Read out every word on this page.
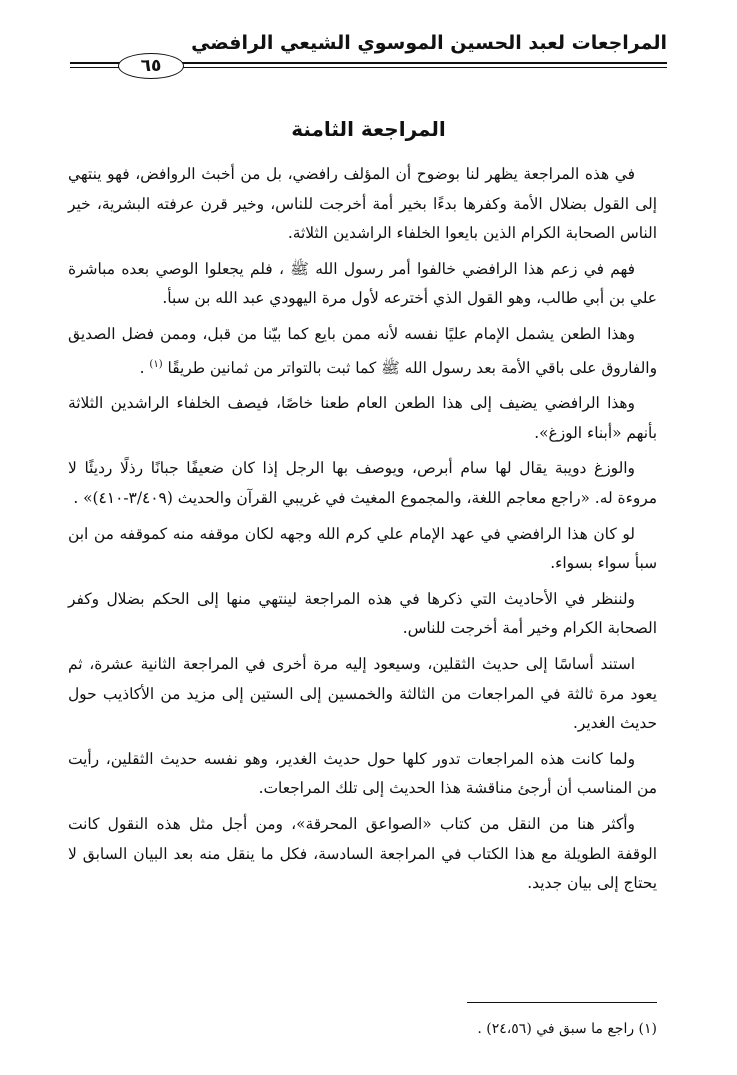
المراجعات لعبد الحسين الموسوي الشيعي الرافضي
٦٥
المراجعة الثامنة

في هذه المراجعة يظهر لنا بوضوح أن المؤلف رافضي، بل من أخبث الروافض، فهو ينتهي إلى القول بضلال الأمة وكفرها بدءًا بخير أمة أخرجت للناس، وخير قرن عرفته البشرية، خير الناس الصحابة الكرام الذين بايعوا الخلفاء الراشدين الثلاثة.

فهم في زعم هذا الرافضي خالفوا أمر رسول الله ﷺ ، فلم يجعلوا الوصي بعده مباشرة علي بن أبي طالب، وهو القول الذي أخترعه لأول مرة اليهودي عبد الله بن سبأ.

وهذا الطعن يشمل الإمام عليًا نفسه لأنه ممن بايع كما بيّنا من قبل، وممن فضل الصديق والفاروق على باقي الأمة بعد رسول الله ﷺ كما ثبت بالتواتر من ثمانين طريقًا $^{(١)}$ .

وهذا الرافضي يضيف إلى هذا الطعن العام طعنا خاصًا، فيصف الخلفاء الراشدين الثلاثة بأنهم «أبناء الوزغ».

والوزغ دويبة يقال لها سام أبرص، ويوصف بها الرجل إذا كان ضعيفًا جبانًا رذلًا رديئًا لا مروءة له. «راجع معاجم اللغة، والمجموع المغيث في غريبي القرآن والحديث (٣/٤٠٩-٤١٠)» .

لو كان هذا الرافضي في عهد الإمام علي كرم الله وجهه لكان موقفه منه كموقفه من ابن سبأ سواء بسواء.

ولننظر في الأحاديث التي ذكرها في هذه المراجعة لينتهي منها إلى الحكم بضلال وكفر الصحابة الكرام وخير أمة أخرجت للناس.

استند أساسًا إلى حديث الثقلين، وسيعود إليه مرة أخرى في المراجعة الثانية عشرة، ثم يعود مرة ثالثة في المراجعات من الثالثة والخمسين إلى الستين إلى مزيد من الأكاذيب حول حديث الغدير.

ولما كانت هذه المراجعات تدور كلها حول حديث الغدير، وهو نفسه حديث الثقلين، رأيت من المناسب أن أرجئ مناقشة هذا الحديث إلى تلك المراجعات.

وأكثر هنا من النقل من كتاب «الصواعق المحرقة»، ومن أجل مثل هذه النقول كانت الوقفة الطويلة مع هذا الكتاب في المراجعة السادسة، فكل ما ينقل منه بعد البيان السابق لا يحتاج إلى بيان جديد.

(١) راجع ما سبق في (٢٤،٥٦) .
